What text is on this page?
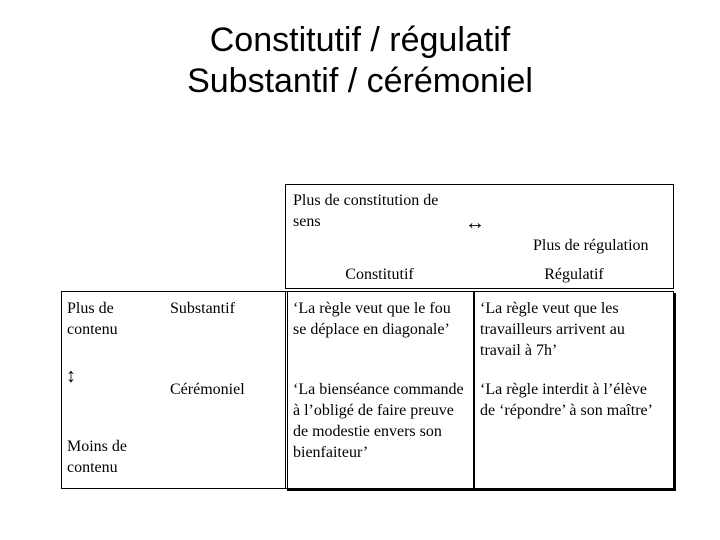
Constitutif / régulatif
Substantif / cérémoniel
Plus de constitution de sens	↔
Plus de régulation
Constitutif	Régulatif
Plus de contenu
↕
Moins de contenu
Substantif
Cérémoniel
‘La règle veut que le fou se déplace en diagonale’
‘La règle veut que les travailleurs arrivent au travail à 7h’
‘La bienséance commande à l’obligé de faire preuve de modestie envers son bienfaiteur’
‘La règle interdit à l’élève de ‘répondre’ à son maître’
